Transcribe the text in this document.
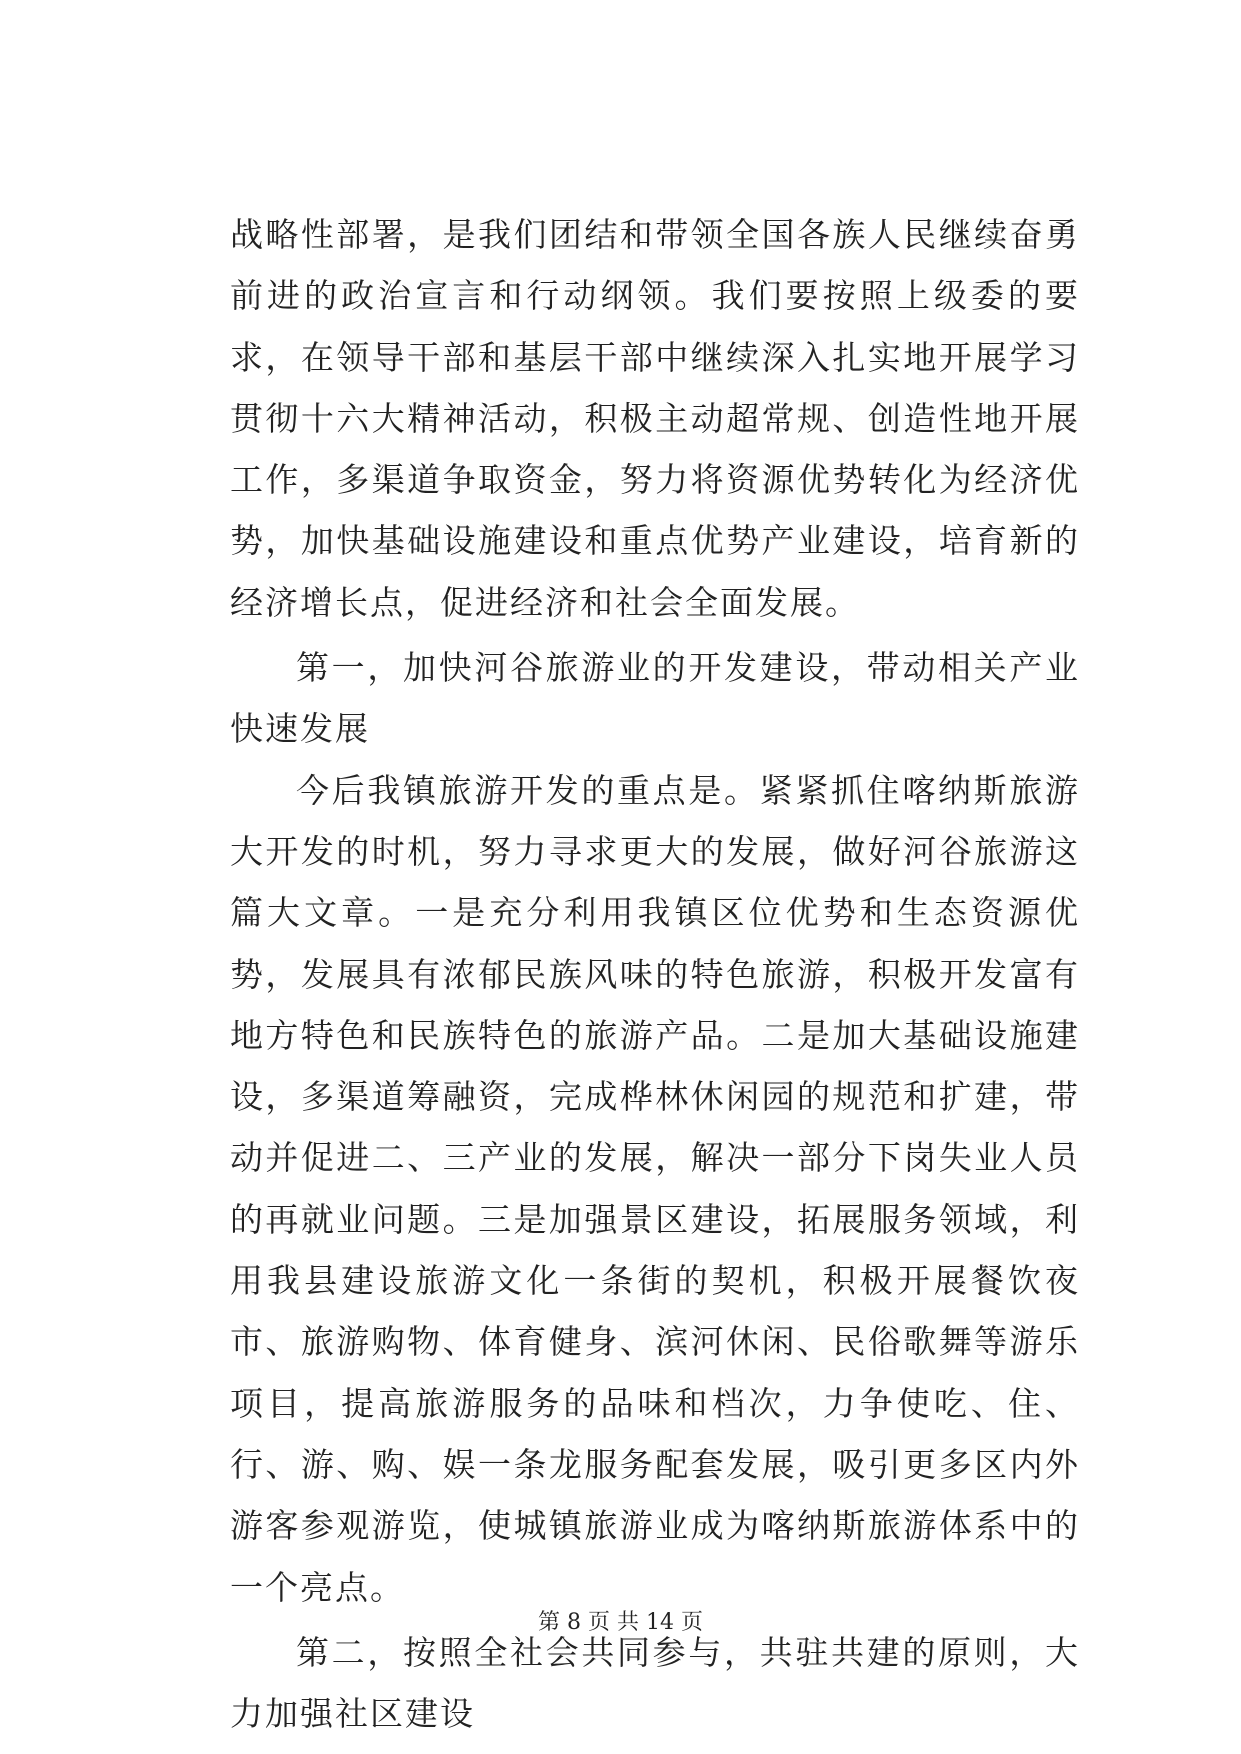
战略性部署，是我们团结和带领全国各族人民继续奋勇前进的政治宣言和行动纲领。我们要按照上级委的要求，在领导干部和基层干部中继续深入扎实地开展学习贯彻十六大精神活动，积极主动超常规、创造性地开展工作，多渠道争取资金，努力将资源优势转化为经济优势，加快基础设施建设和重点优势产业建设，培育新的经济增长点，促进经济和社会全面发展。

第一，加快河谷旅游业的开发建设，带动相关产业快速发展

今后我镇旅游开发的重点是。紧紧抓住喀纳斯旅游大开发的时机，努力寻求更大的发展，做好河谷旅游这篇大文章。一是充分利用我镇区位优势和生态资源优势，发展具有浓郁民族风味的特色旅游，积极开发富有地方特色和民族特色的旅游产品。二是加大基础设施建设，多渠道筹融资，完成桦林休闲园的规范和扩建，带动并促进二、三产业的发展，解决一部分下岗失业人员的再就业问题。三是加强景区建设，拓展服务领域，利用我县建设旅游文化一条街的契机，积极开展餐饮夜市、旅游购物、体育健身、滨河休闲、民俗歌舞等游乐项目，提高旅游服务的品味和档次，力争使吃、住、行、游、购、娱一条龙服务配套发展，吸引更多区内外游客参观游览，使城镇旅游业成为喀纳斯旅游体系中的一个亮点。

第二，按照全社会共同参与，共驻共建的原则，大力加强社区建设

第 8 页 共 14 页
